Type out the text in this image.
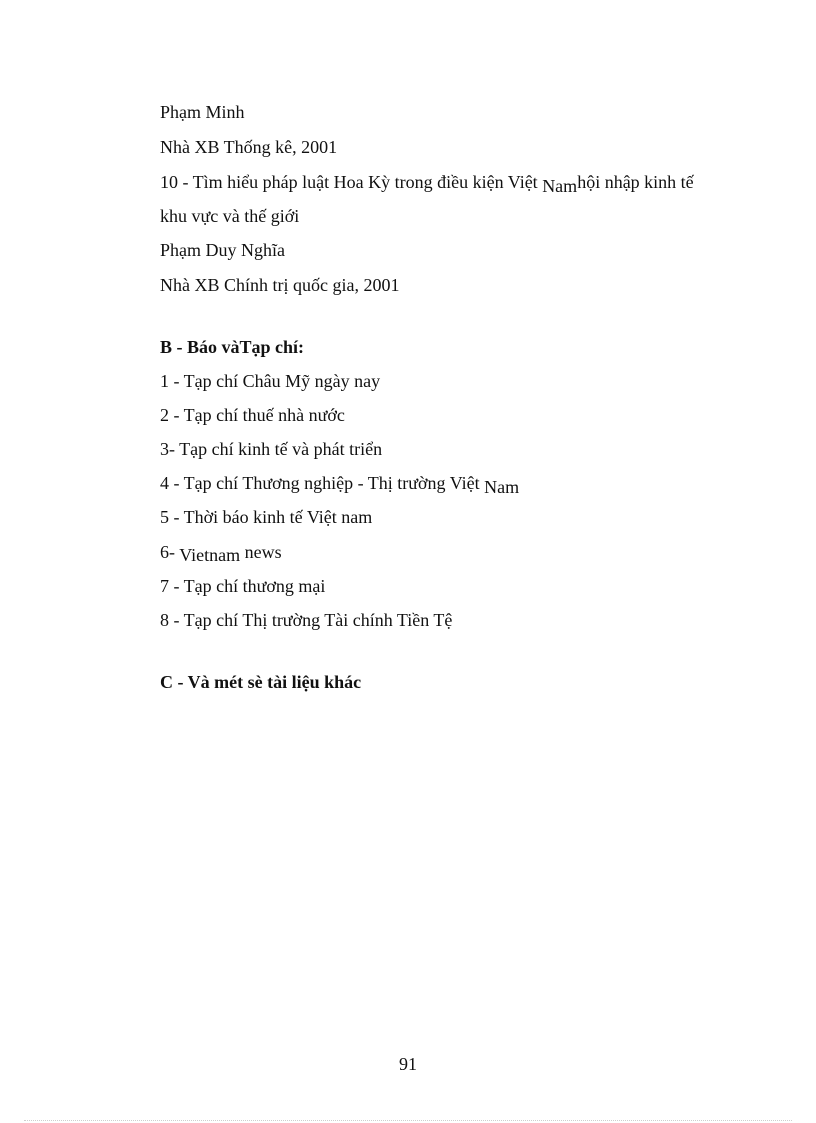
Phạm Minh
Nhà XB Thống kê, 2001
10 - Tìm hiểu pháp luật Hoa Kỳ trong điều kiện Việt Namhội nhập kinh tế
khu vực và thế giới
Phạm Duy Nghĩa
Nhà XB Chính trị quốc gia, 2001
B - Báo vàTạp chí:
1 - Tạp chí Châu Mỹ ngày nay
2 - Tạp chí thuế nhà nước
3- Tạp chí kinh tế và phát triển
4 - Tạp chí Thương nghiệp - Thị trường Việt Nam
5 - Thời báo kinh tế Việt nam
6- Vietnam news
7 - Tạp chí thương mại
8 - Tạp chí Thị trường Tài chính Tiền Tệ
C - Và mét sè tài liệu khác
91
